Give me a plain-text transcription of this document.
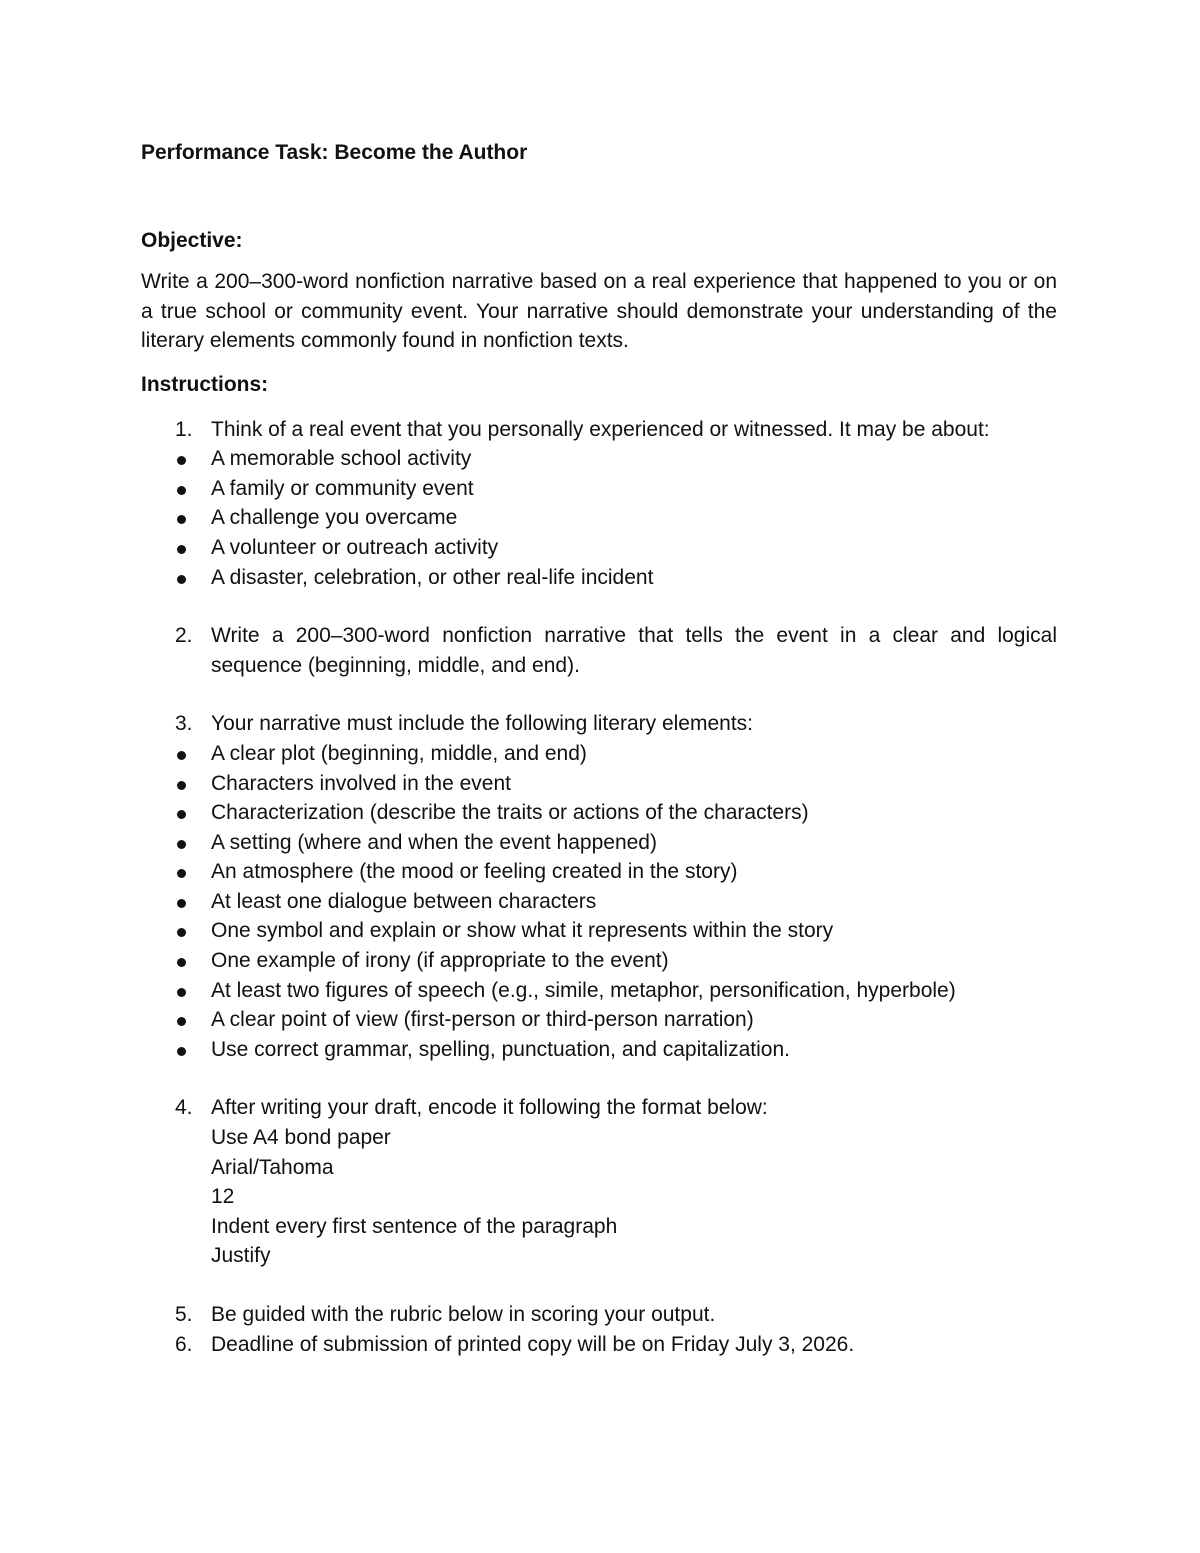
Performance Task: Become the Author

Objective:

Write a 200–300-word nonfiction narrative based on a real experience that happened to you or on a true school or community event. Your narrative should demonstrate your understanding of the literary elements commonly found in nonfiction texts.

Instructions:

1. Think of a real event that you personally experienced or witnessed. It may be about:
A memorable school activity
A family or community event
A challenge you overcame
A volunteer or outreach activity
A disaster, celebration, or other real-life incident
2. Write a 200–300-word nonfiction narrative that tells the event in a clear and logical sequence (beginning, middle, and end).
3. Your narrative must include the following literary elements:
A clear plot (beginning, middle, and end)
Characters involved in the event
Characterization (describe the traits or actions of the characters)
A setting (where and when the event happened)
An atmosphere (the mood or feeling created in the story)
At least one dialogue between characters
One symbol and explain or show what it represents within the story
One example of irony (if appropriate to the event)
At least two figures of speech (e.g., simile, metaphor, personification, hyperbole)
A clear point of view (first-person or third-person narration)
Use correct grammar, spelling, punctuation, and capitalization.
4. After writing your draft, encode it following the format below:

Use A4 bond paper

Arial/Tahoma

12

Indent every first sentence of the paragraph

Justify

5. Be guided with the rubric below in scoring your output.
6. Deadline of submission of printed copy will be on Friday July 3, 2026.
